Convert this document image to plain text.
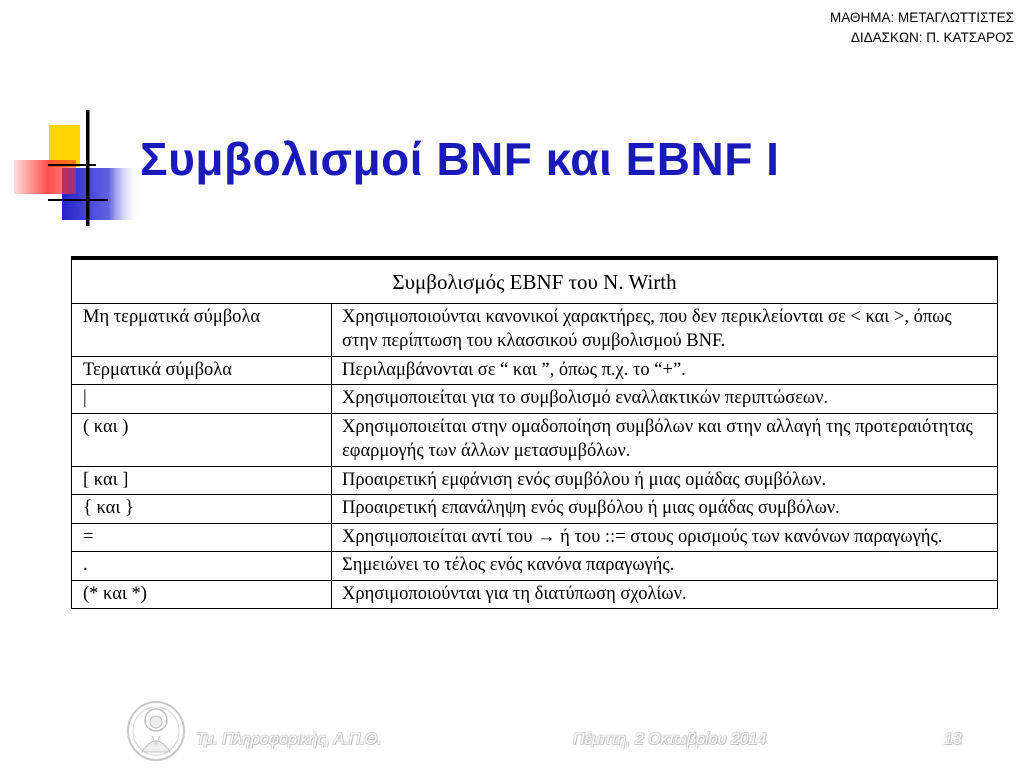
ΜΑΘΗΜΑ: ΜΕΤΑΓΛΩΤΤΙΣΤΕΣ
ΔΙΔΑΣΚΩΝ: Π. ΚΑΤΣΑΡΟΣ
Συμβολισμοί BNF και EBNF I
Συμβολισμός EBNF του N. Wirth	
Μη τερματικά σύμβολα	Χρησιμοποιούνται κανονικοί χαρακτήρες, που δεν περικλείονται σε < και >, όπως στην περίπτωση του κλασσικού συμβολισμού BNF.
Τερματικά σύμβολα	Περιλαμβάνονται σε “ και ”, όπως π.χ. το “+”.
|	Χρησιμοποιείται για το συμβολισμό εναλλακτικών περιπτώσεων.
( και )	Χρησιμοποιείται στην ομαδοποίηση συμβόλων και στην αλλαγή της προτεραιότητας εφαρμογής των άλλων μετασυμβόλων.
[ και ]	Προαιρετική εμφάνιση ενός συμβόλου ή μιας ομάδας συμβόλων.
{ και }	Προαιρετική επανάληψη ενός συμβόλου ή μιας ομάδας συμβόλων.
=	Χρησιμοποιείται αντί του → ή του ::= στους ορισμούς των κανόνων παραγωγής.
.	Σημειώνει το τέλος ενός κανόνα παραγωγής.
(* και *)	Χρησιμοποιούνται για τη διατύπωση σχολίων.
Τμ. Πληροφορικής, Α.Π.Θ.	Πέμπτη, 2 Οκτωβρίου 2014	13
